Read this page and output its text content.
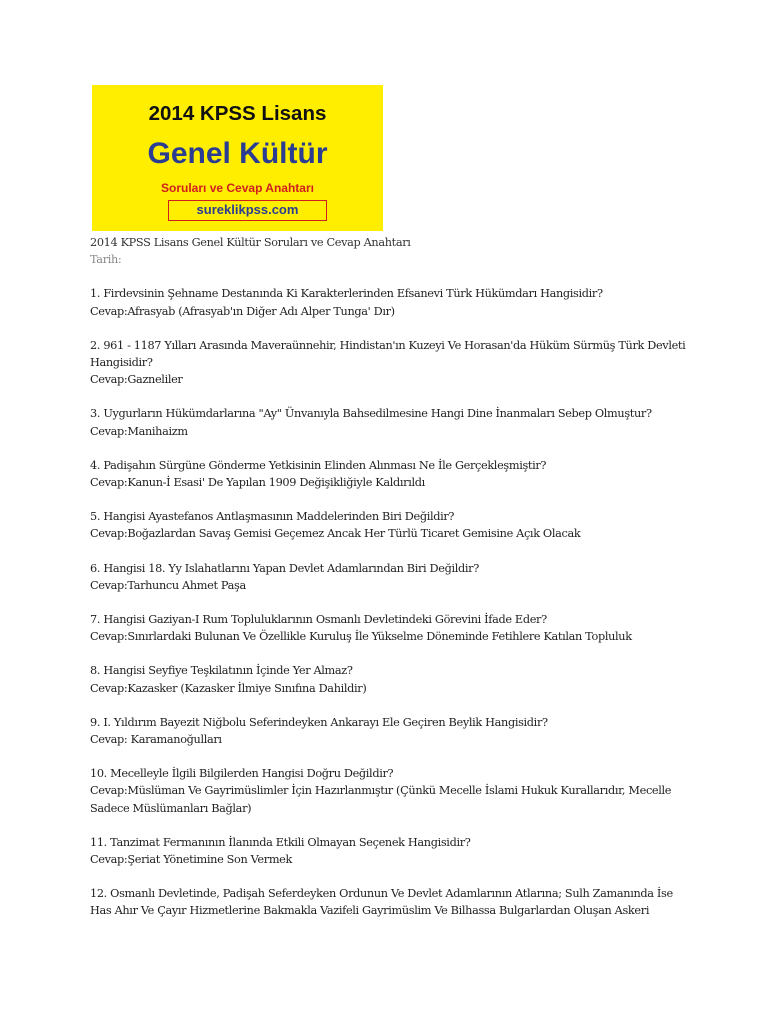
2014 KPSS Lisans
Genel Kültür
Soruları ve Cevap Anahtarı
sureklikpss.com

2014 KPSS Lisans Genel Kültür Soruları ve Cevap Anahtarı

Tarih:

1. Firdevsinin Şehname Destanında Ki Karakterlerinden Efsanevi Türk Hükümdarı Hangisidir?

Cevap:Afrasyab (Afrasyab'ın Diğer Adı Alper Tunga' Dır)

2. 961 - 1187 Yılları Arasında Maveraünnehir, Hindistan'ın Kuzeyi Ve Horasan'da Hüküm Sürmüş Türk Devleti Hangisidir?

Cevap:Gazneliler

3. Uygurların Hükümdarlarına "Ay" Ünvanıyla Bahsedilmesine Hangi Dine İnanmaları Sebep Olmuştur?

Cevap:Manihaizm

4. Padişahın Sürgüne Gönderme Yetkisinin Elinden Alınması Ne İle Gerçekleşmiştir?

Cevap:Kanun-İ Esasi' De Yapılan 1909 Değişikliğiyle Kaldırıldı

5. Hangisi Ayastefanos Antlaşmasının Maddelerinden Biri Değildir?

Cevap:Boğazlardan Savaş Gemisi Geçemez Ancak Her Türlü Ticaret Gemisine Açık Olacak

6. Hangisi 18. Yy Islahatlarını Yapan Devlet Adamlarından Biri Değildir?

Cevap:Tarhuncu Ahmet Paşa

7. Hangisi Gaziyan-I Rum Topluluklarının Osmanlı Devletindeki Görevini İfade Eder?

Cevap:Sınırlardaki Bulunan Ve Özellikle Kuruluş İle Yükselme Döneminde Fetihlere Katılan Topluluk

8. Hangisi Seyfiye Teşkilatının İçinde Yer Almaz?

Cevap:Kazasker (Kazasker İlmiye Sınıfına Dahildir)

9. I. Yıldırım Bayezit Niğbolu Seferindeyken Ankarayı Ele Geçiren Beylik Hangisidir?

Cevap: Karamanoğulları

10. Mecelleyle İlgili Bilgilerden Hangisi Doğru Değildir?

Cevap:Müslüman Ve Gayrimüslimler İçin Hazırlanmıştır (Çünkü Mecelle İslami Hukuk Kurallarıdır, Mecelle Sadece Müslümanları Bağlar)

11. Tanzimat Fermanının İlanında Etkili Olmayan Seçenek Hangisidir?

Cevap:Şeriat Yönetimine Son Vermek

12. Osmanlı Devletinde, Padişah Seferdeyken Ordunun Ve Devlet Adamlarının Atlarına; Sulh Zamanında İse Has Ahır Ve Çayır Hizmetlerine Bakmakla Vazifeli Gayrimüslim Ve Bilhassa Bulgarlardan Oluşan Askeri
